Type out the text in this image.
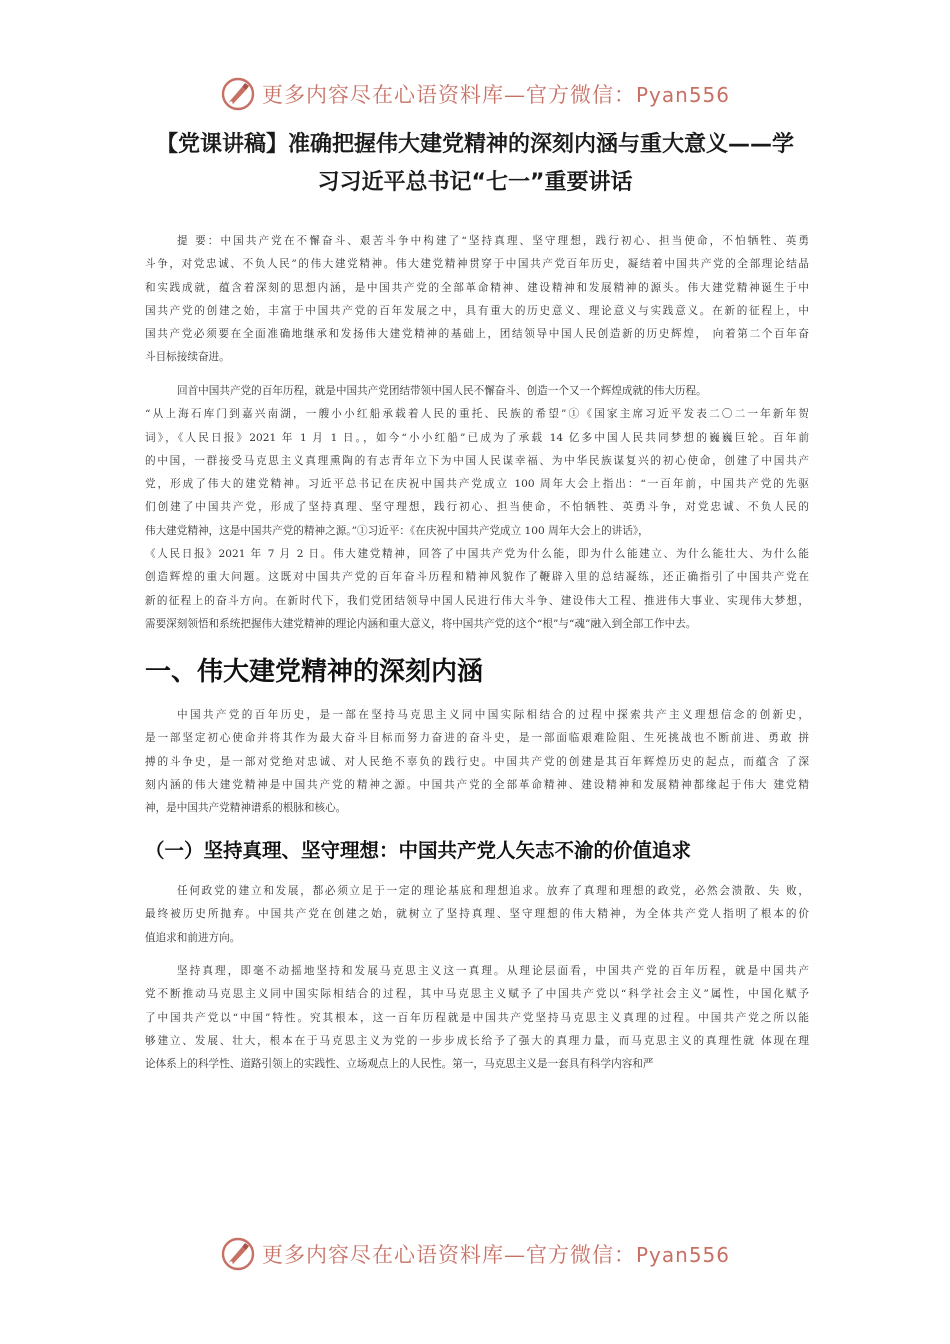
更多内容尽在心语资料库—官方微信：Pyan556
【党课讲稿】准确把握伟大建党精神的深刻内涵与重大意义——学
习习近平总书记“七一”重要讲话

提 要：中国共产党在不懈奋斗、艰苦斗争中构建了“坚持真理、坚守理想，践行初心、担当使命，不怕牺牲、英勇
斗争，对党忠诚、不负人民”的伟大建党精神。伟大建党精神贯穿于中国共产党百年历史，凝结着中国共产党的全部理论结晶
和实践成就，蕴含着深刻的思想内涵，是中国共产党的全部革命精神、建设精神和发展精神的源头。伟大建党精神诞生于中
国共产党的创建之始，丰富于中国共产党的百年发展之中，具有重大的历史意义、理论意义与实践意义。在新的征程上，中
国共产党必须要在全面准确地继承和发扬伟大建党精神的基础上，团结领导中国人民创造新的历史辉煌， 向着第二个百年奋
斗目标接续奋进。

回首中国共产党的百年历程，就是中国共产党团结带领中国人民不懈奋斗、创造一个又一个辉煌成就的伟大历程。
“从上海石库门到嘉兴南湖，一艘小小红船承载着人民的重托、民族的希望”①《国家主席习近平发表二〇二一年新年贺
词》，《人民日报》2021 年 1 月 1 日。，如今“小小红船”已成为了承载 14 亿多中国人民共同梦想的巍巍巨轮。百年前
的中国，一群接受马克思主义真理熏陶的有志青年立下为中国人民谋幸福、为中华民族谋复兴的初心使命，创建了中国共产
党，形成了伟大的建党精神。习近平总书记在庆祝中国共产党成立 100 周年大会上指出：“一百年前，中国共产党的先驱
们创建了中国共产党，形成了坚持真理、坚守理想，践行初心、担当使命，不怕牺牲、英勇斗争，对党忠诚、不负人民的
伟大建党精神，这是中国共产党的精神之源。”①习近平：《在庆祝中国共产党成立 100 周年大会上的讲话》，
《人民日报》2021 年 7 月 2 日。伟大建党精神，回答了中国共产党为什么能，即为什么能建立、为什么能壮大、为什么能
创造辉煌的重大问题。这既对中国共产党的百年奋斗历程和精神风貌作了鞭辟入里的总结凝练，还正确指引了中国共产党在
新的征程上的奋斗方向。在新时代下，我们党团结领导中国人民进行伟大斗争、建设伟大工程、推进伟大事业、实现伟大梦想，
需要深刻领悟和系统把握伟大建党精神的理论内涵和重大意义，将中国共产党的这个“根”与“魂”融入到全部工作中去。

一、伟大建党精神的深刻内涵

中国共产党的百年历史，是一部在坚持马克思主义同中国实际相结合的过程中探索共产主义理想信念的创新史，
是一部坚定初心使命并将其作为最大奋斗目标而努力奋进的奋斗史，是一部面临艰难险阻、生死挑战也不断前进、勇敢 拼
搏的斗争史，是一部对党绝对忠诚、对人民绝不辜负的践行史。中国共产党的创建是其百年辉煌历史的起点，而蕴含 了深
刻内涵的伟大建党精神是中国共产党的精神之源。中国共产党的全部革命精神、建设精神和发展精神都缘起于伟大 建党精
神，是中国共产党精神谱系的根脉和核心。

（一）坚持真理、坚守理想：中国共产党人矢志不渝的价值追求

任何政党的建立和发展，都必须立足于一定的理论基底和理想追求。放弃了真理和理想的政党，必然会溃散、失 败，
最终被历史所抛弃。中国共产党在创建之始，就树立了坚持真理、坚守理想的伟大精神，为全体共产党人指明了根本的价
值追求和前进方向。

坚持真理，即毫不动摇地坚持和发展马克思主义这一真理。从理论层面看，中国共产党的百年历程，就是中国共产
党不断推动马克思主义同中国实际相结合的过程，其中马克思主义赋予了中国共产党以“科学社会主义”属性，中国化赋予
了中国共产党以“中国”特性。究其根本，这一百年历程就是中国共产党坚持马克思主义真理的过程。中国共产党之所以能
够建立、发展、壮大，根本在于马克思主义为党的一步步成长给予了强大的真理力量，而马克思主义的真理性就 体现在理
论体系上的科学性、道路引领上的实践性、立场观点上的人民性。第一，马克思主义是一套具有科学内容和严

更多内容尽在心语资料库—官方微信：Pyan556
